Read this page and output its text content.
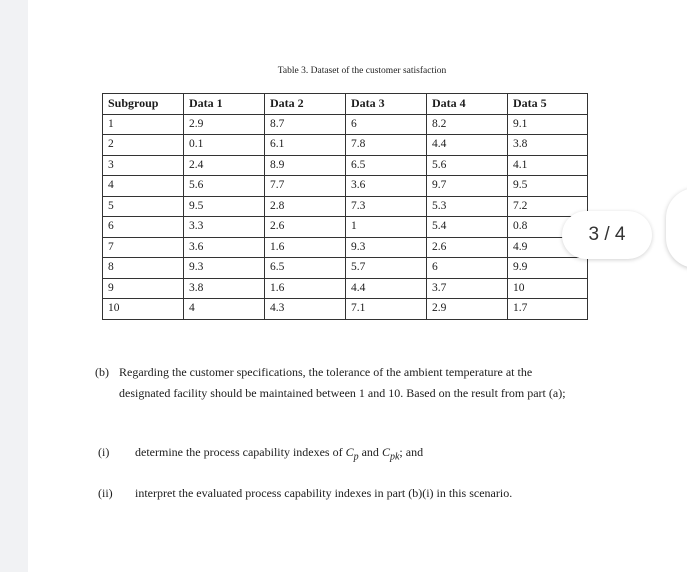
Table 3. Dataset of the customer satisfaction
Subgroup	Data 1	Data 2	Data 3	Data 4	Data 5
1	2.9	8.7	6	8.2	9.1
2	0.1	6.1	7.8	4.4	3.8
3	2.4	8.9	6.5	5.6	4.1
4	5.6	7.7	3.6	9.7	9.5
5	9.5	2.8	7.3	5.3	7.2
6	3.3	2.6	1	5.4	0.8
7	3.6	1.6	9.3	2.6	4.9
8	9.3	6.5	5.7	6	9.9
9	3.8	1.6	4.4	3.7	10
10	4	4.3	7.1	2.9	1.7
(b) Regarding the customer specifications, the tolerance of the ambient temperature at the designated facility should be maintained between 1 and 10. Based on the result from part (a);
(i) determine the process capability indexes of $C_p$ and $C_{pk}$; and
(ii) interpret the evaluated process capability indexes in part (b)(i) in this scenario.
3 / 4
